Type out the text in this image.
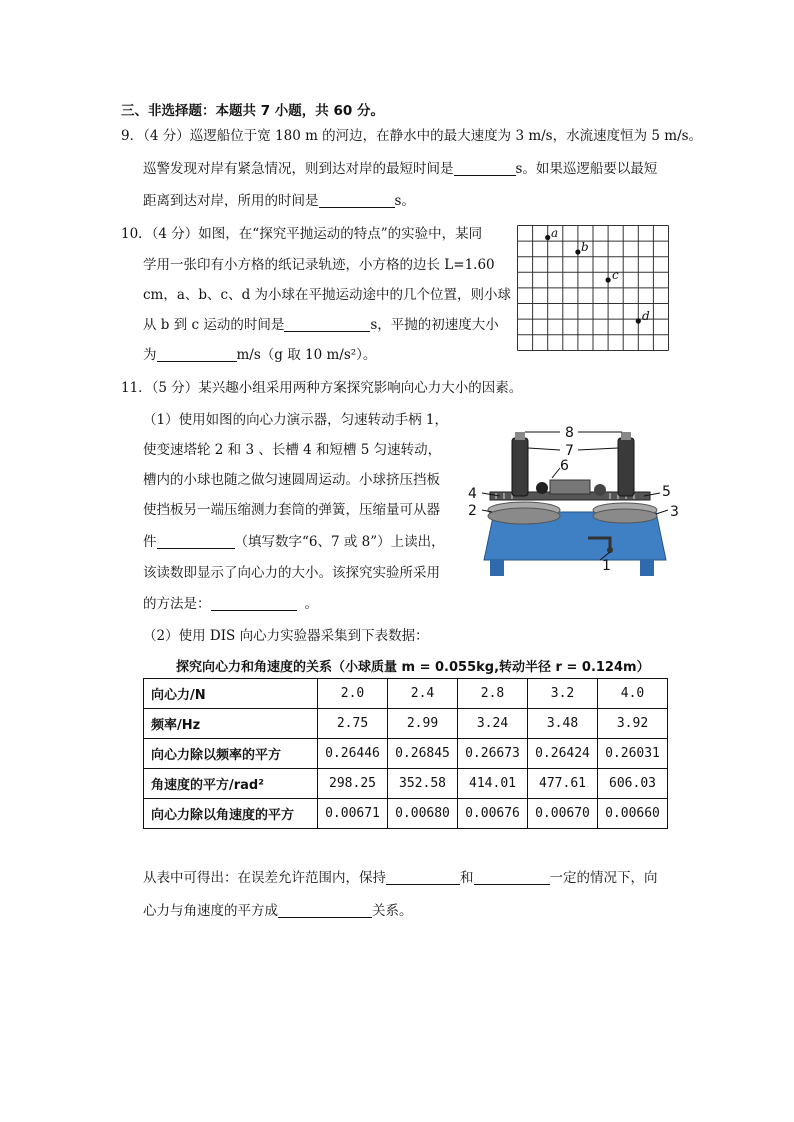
三、非选择题：本题共 7 小题，共 60 分。
9．（4 分）巡逻船位于宽 180 m 的河边，在静水中的最大速度为 3 m/s，水流速度恒为 5 m/s。
巡警发现对岸有紧急情况，则到达对岸的最短时间是	s。如果巡逻船要以最短
距离到达对岸，所用的时间是	s。
10．（4 分）如图，在“探究平抛运动的特点”的实验中，某同
学用一张印有小方格的纸记录轨迹，小方格的边长 L=1.60
cm，a、b、c、d 为小球在平抛运动途中的几个位置，则小球
从 b 到 c 运动的时间是	s，平抛的初速度大小
为	m/s（g 取 10 m/s²）。
a
b
c
d
11．（5 分）某兴趣小组采用两种方案探究影响向心力大小的因素。
（1）使用如图的向心力演示器，匀速转动手柄 1，
使变速塔轮 2 和 3 、长槽 4 和短槽 5 匀速转动，
槽内的小球也随之做匀速圆周运动。小球挤压挡板
使挡板另一端压缩测力套筒的弹簧，压缩量可从器
件	（填写数字“6、7 或 8”）上读出，
该读数即显示了向心力的大小。该探究实验所采用
的方法是：	。
8
7
6
4
2
5
3
1
（2）使用 DIS 向心力实验器采集到下表数据：
探究向心力和角速度的关系（小球质量 m = 0.055kg,转动半径 r = 0.124m）
向心力/N	2.0	2.4	2.8	3.2	4.0
频率/Hz	2.75	2.99	3.24	3.48	3.92
向心力除以频率的平方	0.26446	0.26845	0.26673	0.26424	0.26031
角速度的平方/rad²	298.25	352.58	414.01	477.61	606.03
向心力除以角速度的平方	0.00671	0.00680	0.00676	0.00670	0.00660
从表中可得出：在误差允许范围内，保持	和	一定的情况下，向
心力与角速度的平方成	关系。
